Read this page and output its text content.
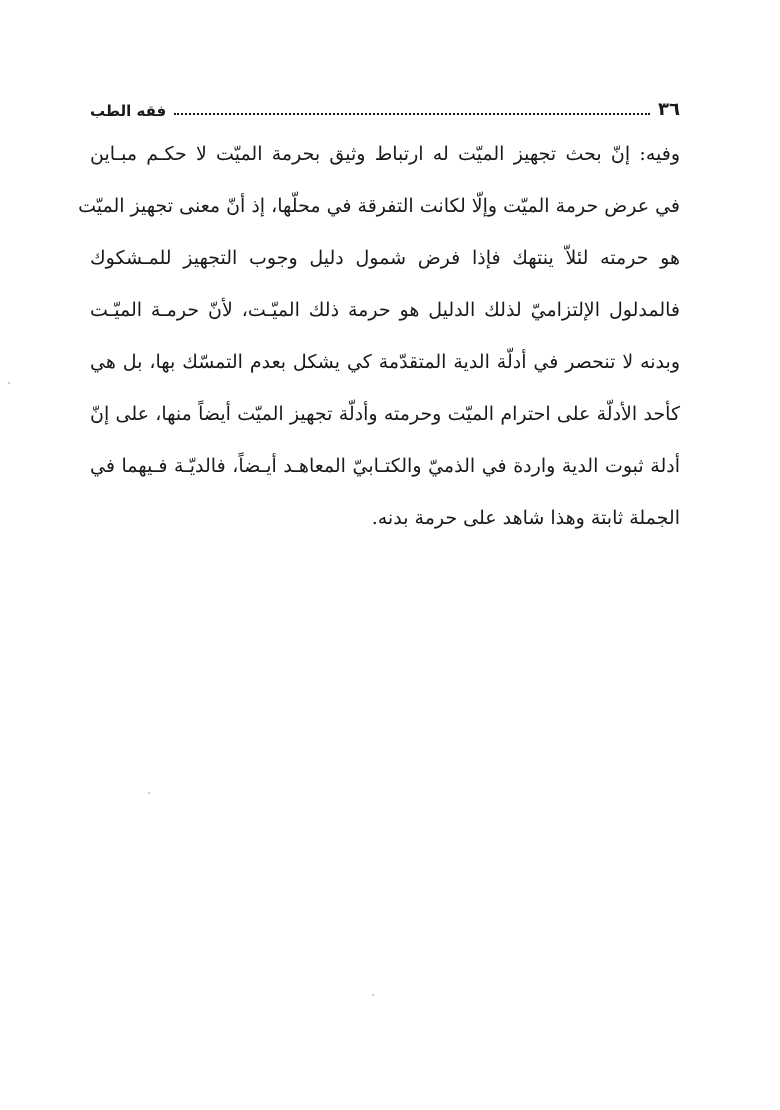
٣٦
فقه الطب
وفيه: إنّ بحث تجهيز الميّت له ارتباط وثيق بحرمة الميّت لا حكـم مبـاين
في عرض حرمة الميّت وإلّا لكانت التفرقة في محلّها، إذ أنّ معنى تجهيز الميّت
هو حرمته لئلاّ ينتهك فإذا فرض شمول دليل وجوب التجهيز للمـشكوك
فالمدلول الإلتزاميّ لذلك الدليل هو حرمة ذلك الميّـت، لأنّ حرمـة الميّـت
وبدنه لا تنحصر في أدلّة الدية المتقدّمة كي يشكل بعدم التمسّك بها، بل هي
كأحد الأدلّة على احترام الميّت وحرمته وأدلّة تجهيز الميّت أيضاً منها، على إنّ
أدلة ثبوت الدية واردة في الذميّ والكتـابيّ المعاهـد أيـضاً، فالديّـة فـيهما في
الجملة ثابتة وهذا شاهد على حرمة بدنه.
